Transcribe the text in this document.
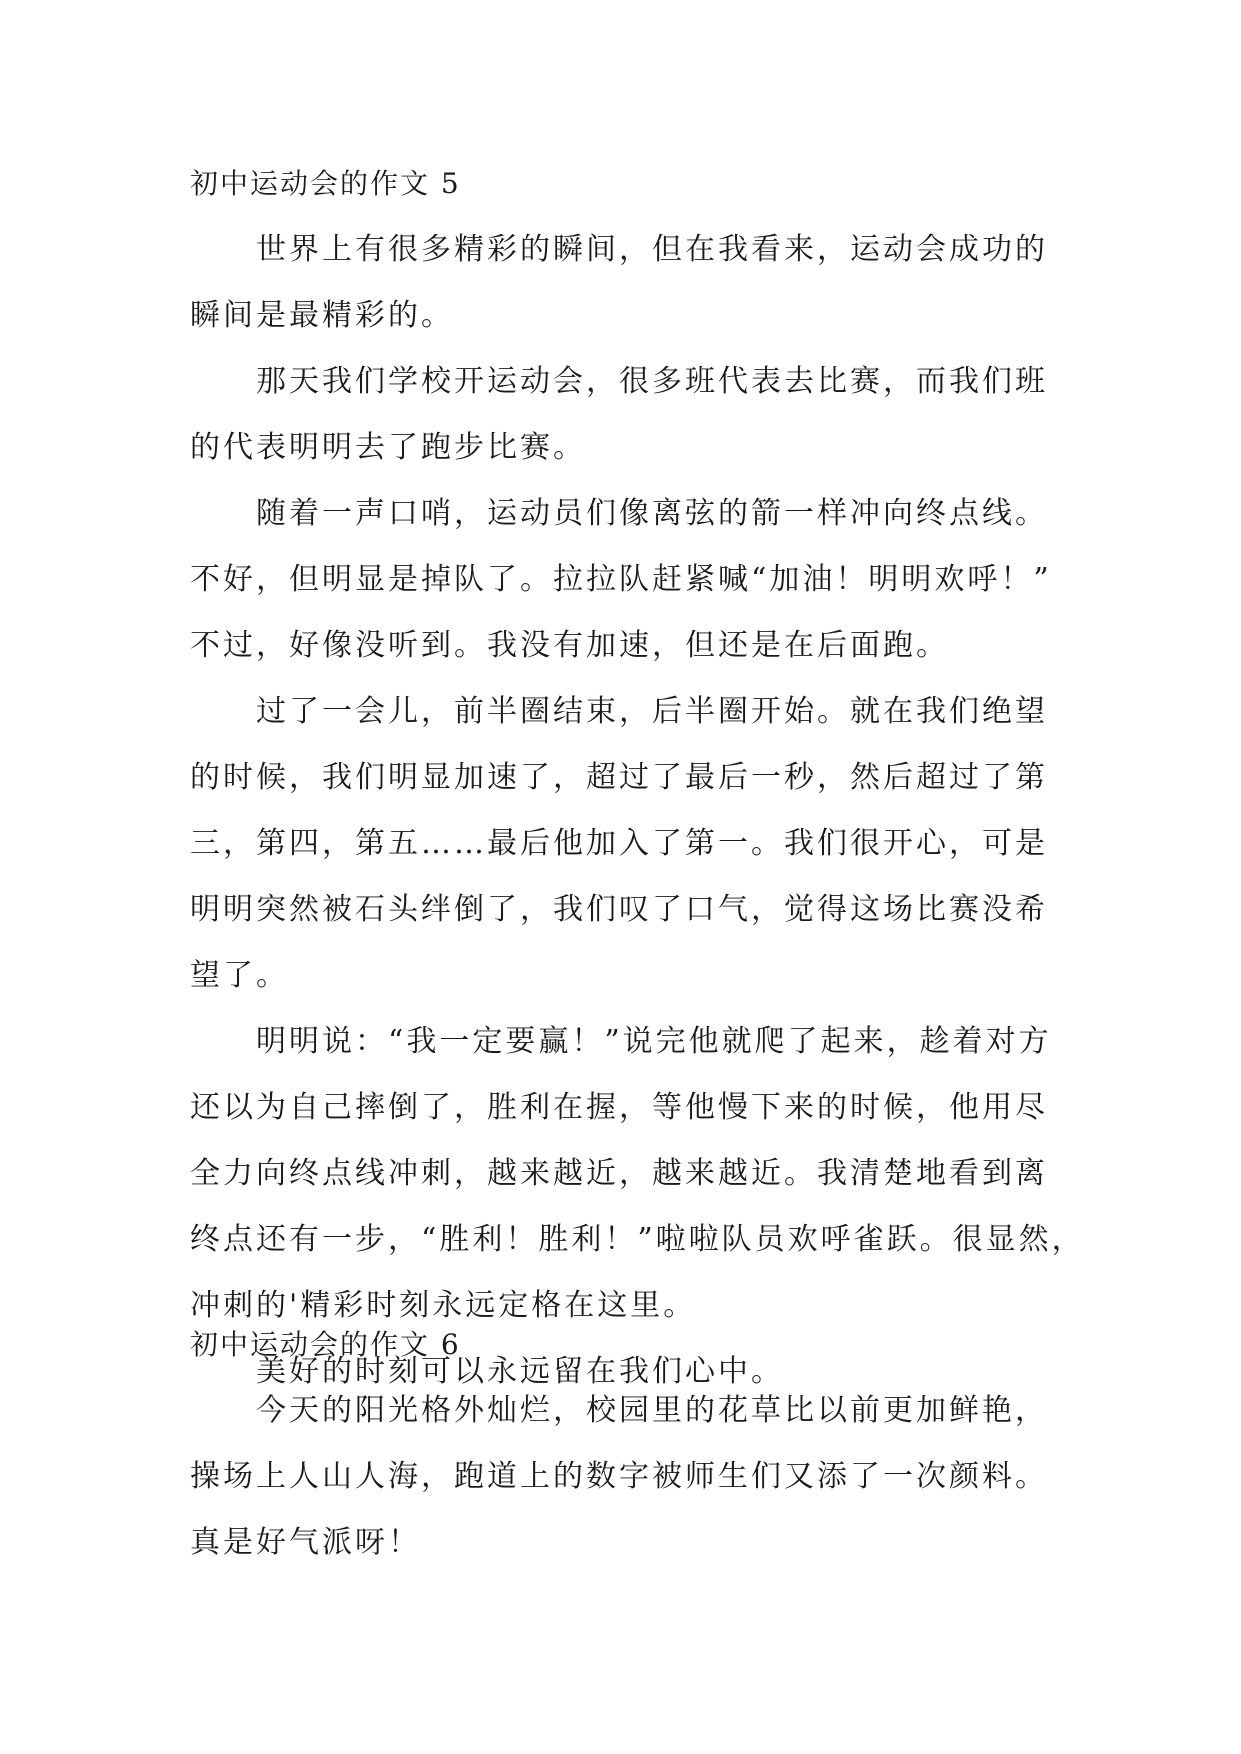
初中运动会的作文 5
世界上有很多精彩的瞬间，但在我看来，运动会成功的
瞬间是最精彩的。
那天我们学校开运动会，很多班代表去比赛，而我们班
的代表明明去了跑步比赛。
随着一声口哨，运动员们像离弦的箭一样冲向终点线。
不好，但明显是掉队了。拉拉队赶紧喊“加油！明明欢呼！”
不过，好像没听到。我没有加速，但还是在后面跑。
过了一会儿，前半圈结束，后半圈开始。就在我们绝望
的时候，我们明显加速了，超过了最后一秒，然后超过了第
三，第四，第五……最后他加入了第一。我们很开心，可是
明明突然被石头绊倒了，我们叹了口气，觉得这场比赛没希
望了。
明明说：“我一定要赢！”说完他就爬了起来，趁着对方
还以为自己摔倒了，胜利在握，等他慢下来的时候，他用尽
全力向终点线冲刺，越来越近，越来越近。我清楚地看到离
终点还有一步，“胜利！胜利！”啦啦队员欢呼雀跃。很显然，
冲刺的'精彩时刻永远定格在这里。
美好的时刻可以永远留在我们心中。
初中运动会的作文 6
今天的阳光格外灿烂，校园里的花草比以前更加鲜艳，
操场上人山人海，跑道上的数字被师生们又添了一次颜料。
真是好气派呀！
